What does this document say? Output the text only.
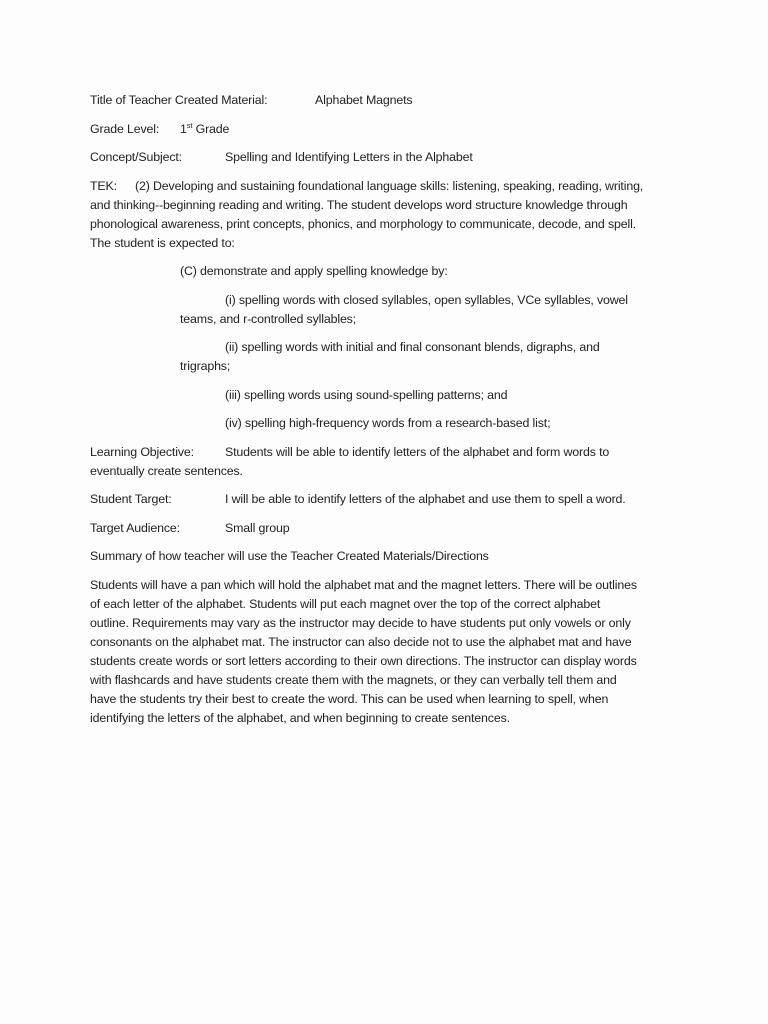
Title of Teacher Created Material:	Alphabet Magnets
Grade Level: 1st Grade
Concept/Subject:	Spelling and Identifying Letters in the Alphabet
TEK: (2) Developing and sustaining foundational language skills: listening, speaking, reading, writing,
and thinking--beginning reading and writing. The student develops word structure knowledge through
phonological awareness, print concepts, phonics, and morphology to communicate, decode, and spell.
The student is expected to:
(C) demonstrate and apply spelling knowledge by:
(i) spelling words with closed syllables, open syllables, VCe syllables, vowel
teams, and r-controlled syllables;
(ii) spelling words with initial and final consonant blends, digraphs, and
trigraphs;
(iii) spelling words using sound-spelling patterns; and
(iv) spelling high-frequency words from a research-based list;
Learning Objective:	Students will be able to identify letters of the alphabet and form words to
eventually create sentences.
Student Target:	I will be able to identify letters of the alphabet and use them to spell a word.
Target Audience:	Small group
Summary of how teacher will use the Teacher Created Materials/Directions
Students will have a pan which will hold the alphabet mat and the magnet letters. There will be outlines
of each letter of the alphabet. Students will put each magnet over the top of the correct alphabet
outline. Requirements may vary as the instructor may decide to have students put only vowels or only
consonants on the alphabet mat. The instructor can also decide not to use the alphabet mat and have
students create words or sort letters according to their own directions. The instructor can display words
with flashcards and have students create them with the magnets, or they can verbally tell them and
have the students try their best to create the word. This can be used when learning to spell, when
identifying the letters of the alphabet, and when beginning to create sentences.
